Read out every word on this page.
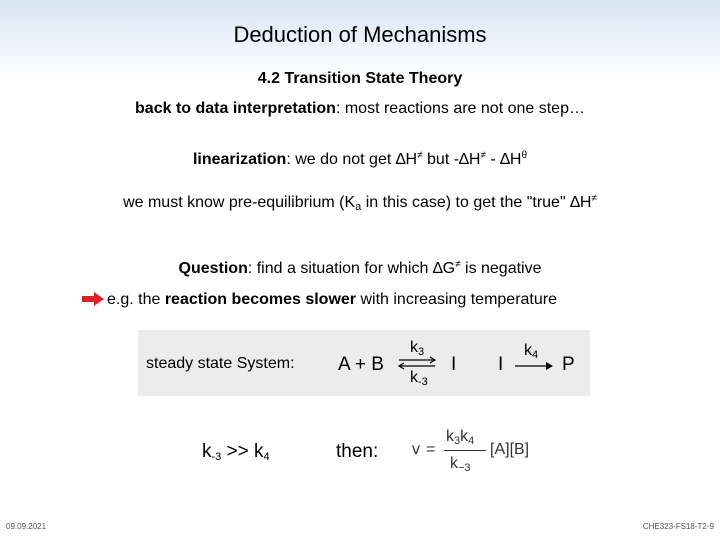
Deduction of Mechanisms
4.2 Transition State Theory
back to data interpretation: most reactions are not one step…
linearization: we do not get ∆H≠ but $-\Delta H^\ne - \Delta H^\theta$
we must know pre-equilibrium ($K_a$ in this case) to get the "true" ∆H≠
Question: find a situation for which ∆G≠ is negative
e.g. the reaction becomes slower with increasing temperature
steady state System: A + B
$k_3$
$k_{-3}$
I I
$k_4$ P
$k_{-3} >> k_4$	then: v =
$k_3k_4$
$k_{-3}$
[A][B]
09.09.2021	CHE323-FS18-T2-9
